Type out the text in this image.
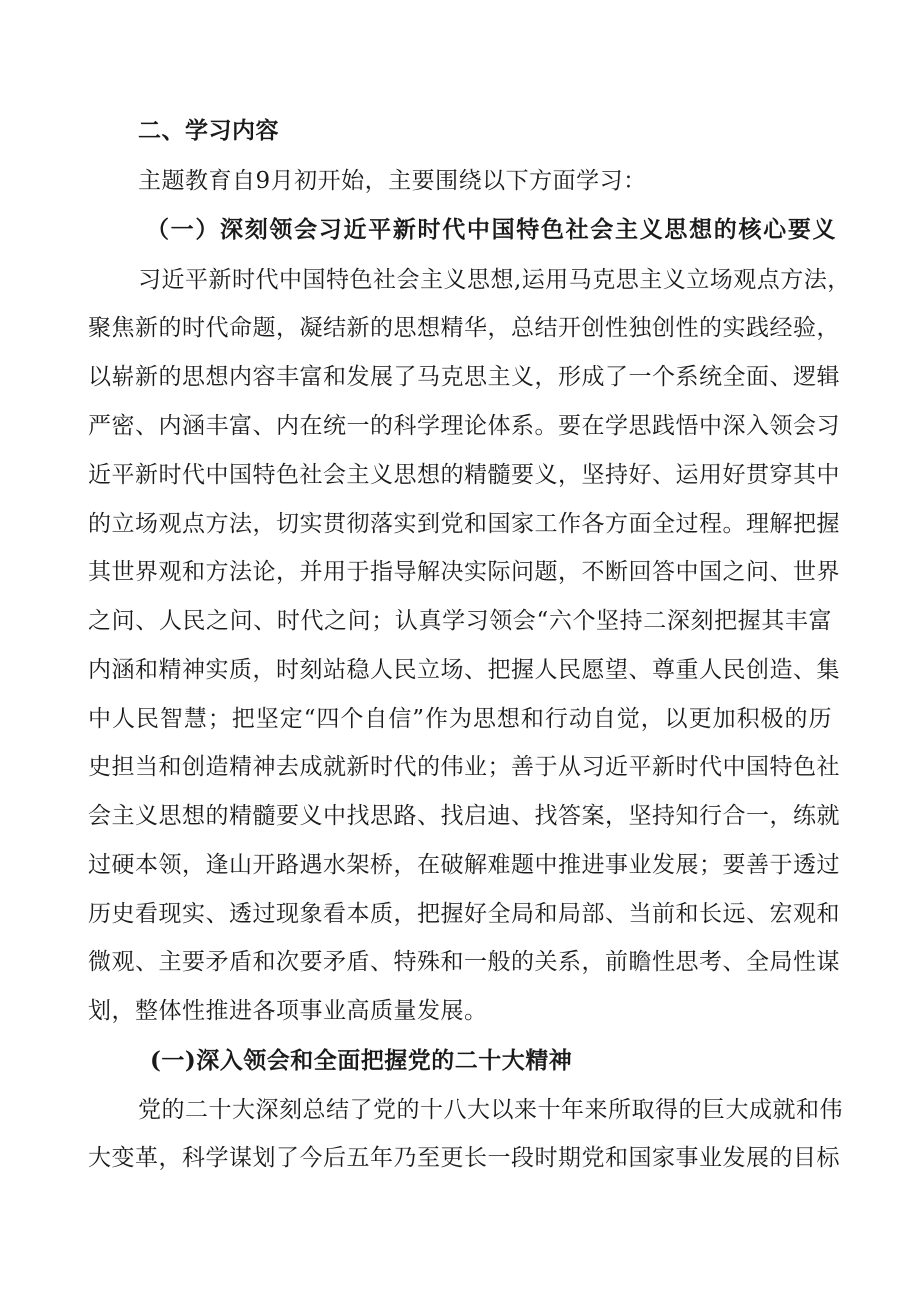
二、学习内容
主题教育自9月初开始，主要围绕以下方面学习：
（一）深刻领会习近平新时代中国特色社会主义思想的核心要义
习近平新时代中国特色社会主义思想,运用马克思主义立场观点方法，
聚焦新的时代命题，凝结新的思想精华，总结开创性独创性的实践经验，
以崭新的思想内容丰富和发展了马克思主义，形成了一个系统全面、逻辑
严密、内涵丰富、内在统一的科学理论体系。要在学思践悟中深入领会习
近平新时代中国特色社会主义思想的精髓要义，坚持好、运用好贯穿其中
的立场观点方法，切实贯彻落实到党和国家工作各方面全过程。理解把握
其世界观和方法论，并用于指导解决实际问题，不断回答中国之问、世界
之问、人民之问、时代之问；认真学习领会“六个坚持二深刻把握其丰富
内涵和精神实质，时刻站稳人民立场、把握人民愿望、尊重人民创造、集
中人民智慧；把坚定“四个自信”作为思想和行动自觉，以更加积极的历
史担当和创造精神去成就新时代的伟业；善于从习近平新时代中国特色社
会主义思想的精髓要义中找思路、找启迪、找答案，坚持知行合一，练就
过硬本领，逢山开路遇水架桥，在破解难题中推进事业发展；要善于透过
历史看现实、透过现象看本质，把握好全局和局部、当前和长远、宏观和
微观、主要矛盾和次要矛盾、特殊和一般的关系，前瞻性思考、全局性谋
划，整体性推进各项事业高质量发展。
(一)深入领会和全面把握党的二十大精神
党的二十大深刻总结了党的十八大以来十年来所取得的巨大成就和伟
大变革，科学谋划了今后五年乃至更长一段时期党和国家事业发展的目标
